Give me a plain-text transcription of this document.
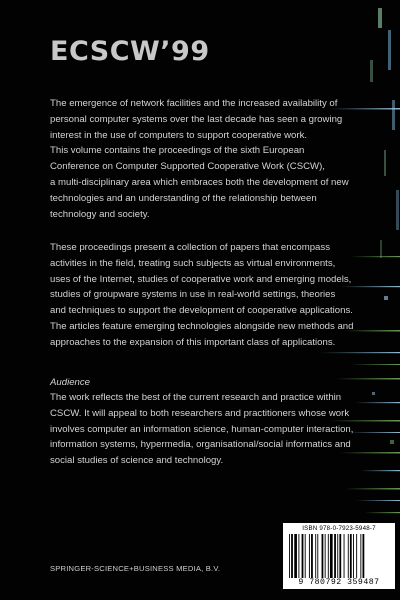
ECSCW’99

The emergence of network facilities and the increased availability of

personal computer systems over the last decade has seen a growing

interest in the use of computers to support cooperative work.

This volume contains the proceedings of the sixth European

Conference on Computer Supported Cooperative Work (CSCW),

a multi-disciplinary area which embraces both the development of new

technologies and an understanding of the relationship between

technology and society.

These proceedings present a collection of papers that encompass

activities in the field, treating such subjects as virtual environments,

uses of the Internet, studies of cooperative work and emerging models,

studies of groupware systems in use in real-world settings, theories

and techniques to support the development of cooperative applications.

The articles feature emerging technologies alongside new methods and

approaches to the expansion of this important class of applications.

Audience

The work reflects the best of the current research and practice within

CSCW. It will appeal to both researchers and practitioners whose work

involves computer an information science, human-computer interaction,

information systems, hypermedia, organisational/social informatics and

social studies of science and technology.

SPRINGER-SCIENCE+BUSINESS MEDIA, B.V.
ISBN 978-0-7923-5948-7
9 780792 359487
